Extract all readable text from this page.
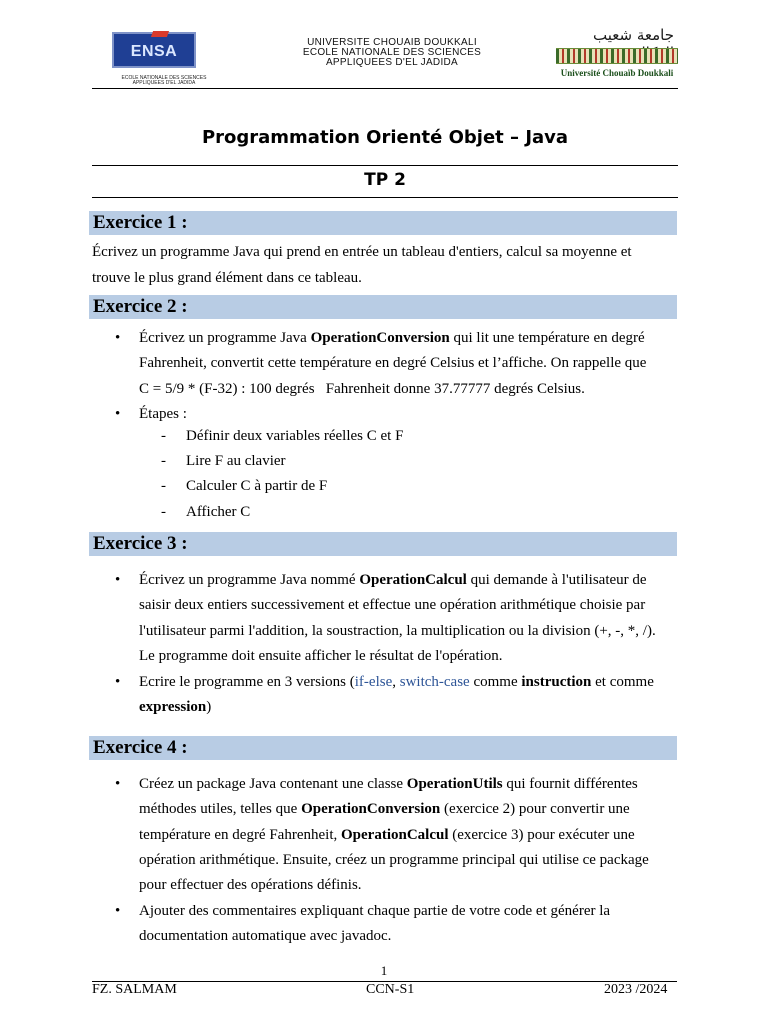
ENSA
ECOLE NATIONALE DES SCIENCES APPLIQUEES D'EL JADIDA
UNIVERSITE CHOUAIB DOUKKALI
ECOLE NATIONALE DES SCIENCES
APPLIQUEES D'EL JADIDA
جامعة شعيب
Université Chouaïb Doukkali
Programmation Orienté Objet – Java
TP 2
Exercice 1 :
Écrivez un programme Java qui prend en entrée un tableau d'entiers, calcul sa moyenne et
trouve le plus grand élément dans ce tableau.
Exercice 2 :
• Écrivez un programme Java OperationConversion qui lit une température en degré
Fahrenheit, convertit cette température en degré Celsius et l’affiche. On rappelle que
C = 5/9 * (F-32) : 100 degrés   Fahrenheit donne 37.77777 degrés Celsius.
• Étapes :
- Définir deux variables réelles C et F
- Lire F au clavier
- Calculer C à partir de F
- Afficher C
Exercice 3 :
• Écrivez un programme Java nommé OperationCalcul qui demande à l'utilisateur de
saisir deux entiers successivement et effectue une opération arithmétique choisie par
l'utilisateur parmi l'addition, la soustraction, la multiplication ou la division (+, -, *, /).
Le programme doit ensuite afficher le résultat de l'opération.
• Ecrire le programme en 3 versions (if-else, switch-case comme instruction et comme
expression)
Exercice 4 :
• Créez un package Java contenant une classe OperationUtils qui fournit différentes
méthodes utiles, telles que OperationConversion (exercice 2) pour convertir une
température en degré Fahrenheit, OperationCalcul (exercice 3) pour exécuter une
opération arithmétique. Ensuite, créez un programme principal qui utilise ce package
pour effectuer des opérations définis.
• Ajouter des commentaires expliquant chaque partie de votre code et générer la
documentation automatique avec javadoc.
1
FZ. SALMAM	CCN-S1	2023 /2024
